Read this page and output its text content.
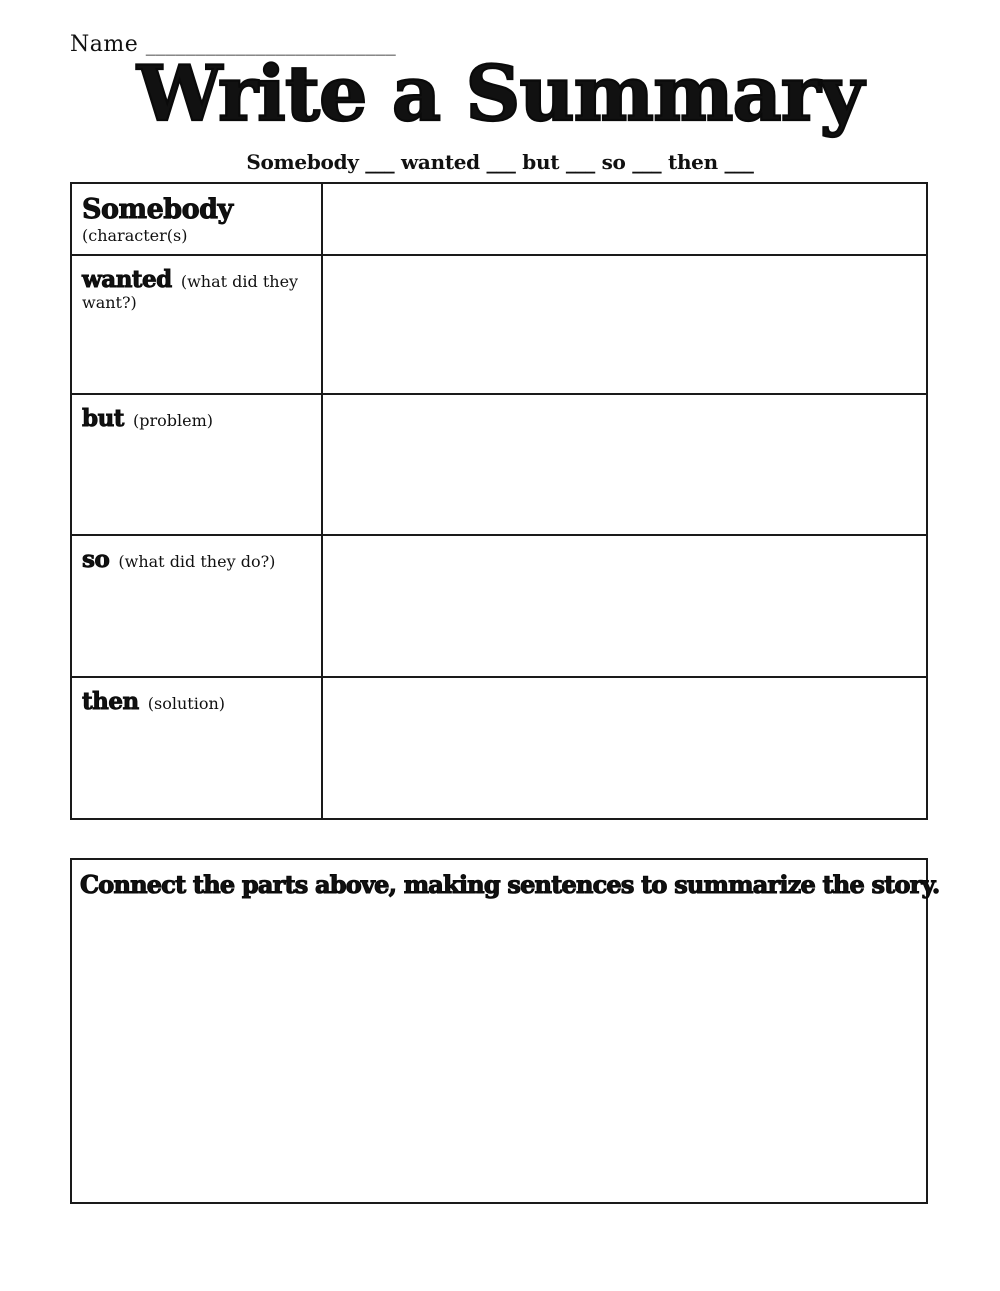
Name _________________________
Write a Summary
Somebody ___ wanted ___ but ___ so ___ then ___
Somebody
(character(s)
wanted (what did they want?)
but (problem)
so (what did they do?)
then (solution)
Connect the parts above, making sentences to summarize the story.
